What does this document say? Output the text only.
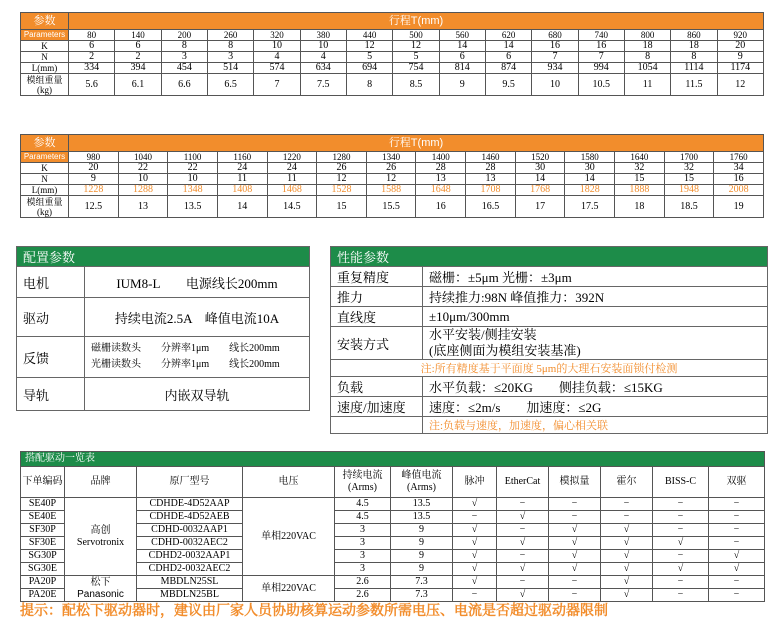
参数	行程T(mm)														
Parameters	80	140	200	260	320	380	440	500	560	620	680	740	800	860	920
K	6	6	8	8	10	10	12	12	14	14	16	16	18	18	20
N	2	2	3	3	4	4	5	5	6	6	7	7	8	8	9
L(mm)	334	394	454	514	574	634	694	754	814	874	934	994	1054	1114	1174
模组重量(kg)	5.6	6.1	6.6	6.5	7	7.5	8	8.5	9	9.5	10	10.5	11	11.5	12
参数	行程T(mm)													
Parameters	980	1040	1100	1160	1220	1280	1340	1400	1460	1520	1580	1640	1700	1760
K	20	22	22	24	24	26	26	28	28	30	30	32	32	34
N	9	10	10	11	11	12	12	13	13	14	14	15	15	16
L(mm)	1228	1288	1348	1408	1468	1528	1588	1648	1708	1768	1828	1888	1948	2008
模组重量(kg)	12.5	13	13.5	14	14.5	15	15.5	16	16.5	17	17.5	18	18.5	19
配置参数	
电机	IUM8-L　　电源线长200mm
驱动	持续电流2.5A　峰值电流10A
反馈	磁栅读数头　　分辨率1μm　　线长200mm
光栅读数头　　分辨率1μm　　线长200mm

导轨	内嵌双导轨
性能参数	
重复精度	磁栅：±5μm 光栅：±3μm
推力	持续推力:98N 峰值推力：392N
直线度	±10μm/300mm
安装方式	水平安装/侧挂安装
(底座侧面为模组安装基准)

注:所有精度基于平面度 5μm的大理石安装面锁付检测	
负载	水平负载：≤20KG　　侧挂负载：≤15KG
速度/加速度	速度：≤2m/s　　加速度：≤2G
	注:负载与速度，加速度，偏心相关联
搭配驱动一览表											
下单编码	品牌	原厂型号	电压	持续电流(Arms)	峰值电流(Arms)	脉冲	EtherCat	模拟量	霍尔	BISS-C	双驱
SE40P	高创
Servotronix	CDHDE-4D52AAP	单相220VAC	4.5	13.5	√	−	−	−	−	−
SE40E		CDHDE-4D52AEB		4.5	13.5	−	√	−	−	−	−
SF30P		CDHD-0032AAP1		3	9	√	−	√	√	−	−
SF30E		CDHD-0032AEC2		3	9	√	√	√	√	√	−
SG30P		CDHD2-0032AAP1		3	9	√	−	√	√	−	√
SG30E		CDHD2-0032AEC2		3	9	√	√	√	√	√	√
PA20P	松下
Panasonic	MBDLN25SL	单相220VAC	2.6	7.3	√	−	−	√	−	−
PA20E		MBDLN25BL		2.6	7.3	−	√	−	√	−	−
提示：配松下驱动器时，建议由厂家人员协助核算运动参数所需电压、电流是否超过驱动器限制
